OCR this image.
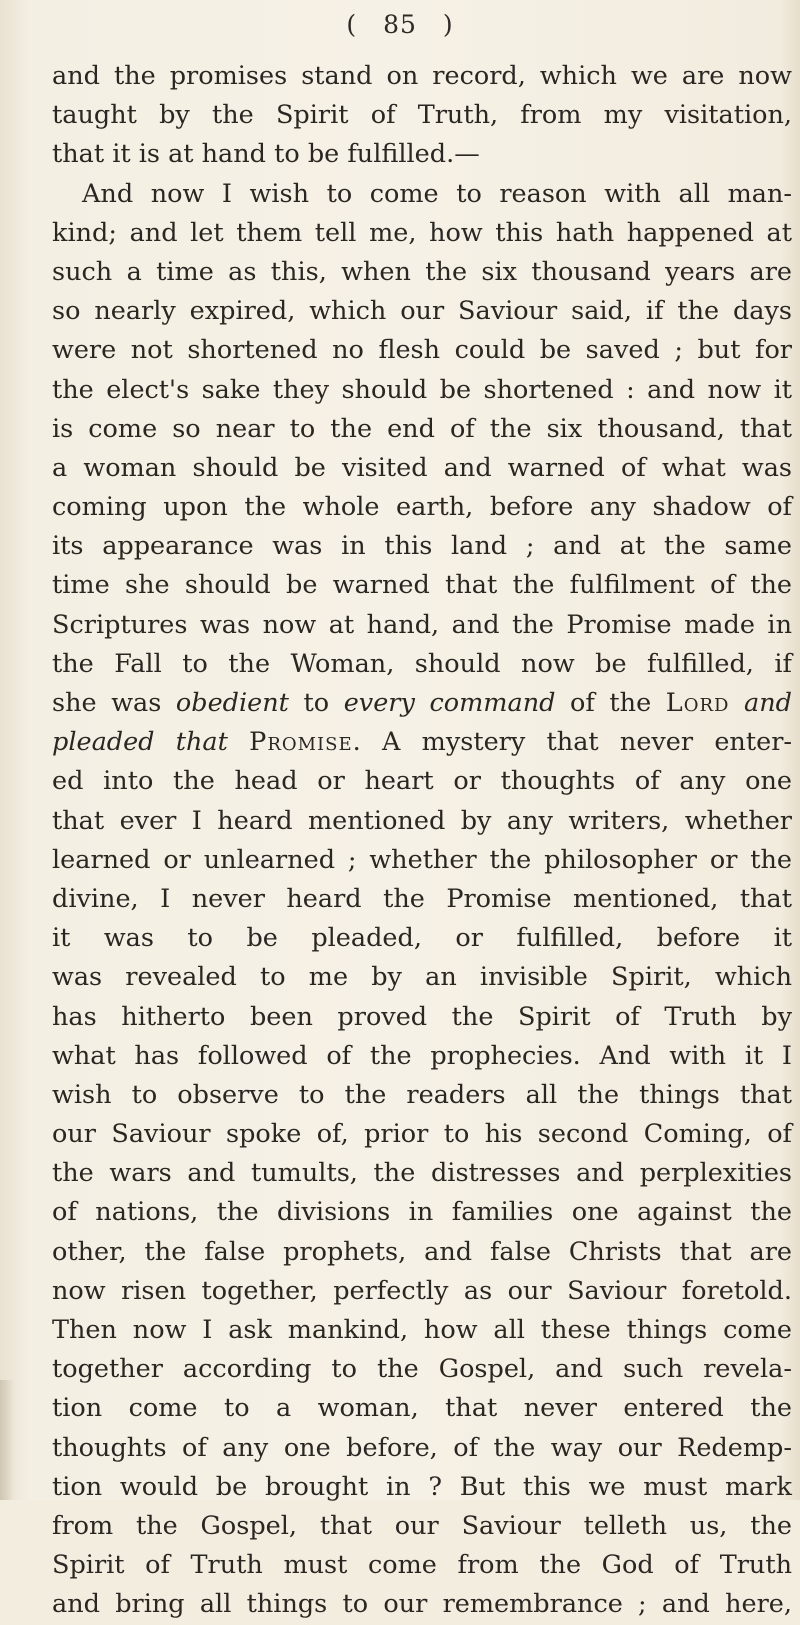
( 85 )
and the promises stand on record, which we are now
taught by the Spirit of Truth, from my visitation,
that it is at hand to be fulfilled.—
And now I wish to come to reason with all man-
kind; and let them tell me, how this hath happened at
such a time as this, when the six thousand years are
so nearly expired, which our Saviour said, if the days
were not shortened no flesh could be saved ; but for
the elect's sake they should be shortened : and now it
is come so near to the end of the six thousand, that
a woman should be visited and warned of what was
coming upon the whole earth, before any shadow of
its appearance was in this land ; and at the same
time she should be warned that the fulfilment of the
Scriptures was now at hand, and the Promise made in
the Fall to the Woman, should now be fulfilled, if
she was obedient to every command of the Lord and
pleaded that Promise. A mystery that never enter-
ed into the head or heart or thoughts of any one
that ever I heard mentioned by any writers, whether
learned or unlearned ; whether the philosopher or the
divine, I never heard the Promise mentioned, that
it was to be pleaded, or fulfilled, before it
was revealed to me by an invisible Spirit, which
has hitherto been proved the Spirit of Truth by
what has followed of the prophecies. And with it I
wish to observe to the readers all the things that
our Saviour spoke of, prior to his second Coming, of
the wars and tumults, the distresses and perplexities
of nations, the divisions in families one against the
other, the false prophets, and false Christs that are
now risen together, perfectly as our Saviour foretold.
Then now I ask mankind, how all these things come
together according to the Gospel, and such revela-
tion come to a woman, that never entered the
thoughts of any one before, of the way our Redemp-
tion would be brought in ? But this we must mark
from the Gospel, that our Saviour telleth us, the
Spirit of Truth must come from the God of Truth
and bring all things to our remembrance ; and here,
